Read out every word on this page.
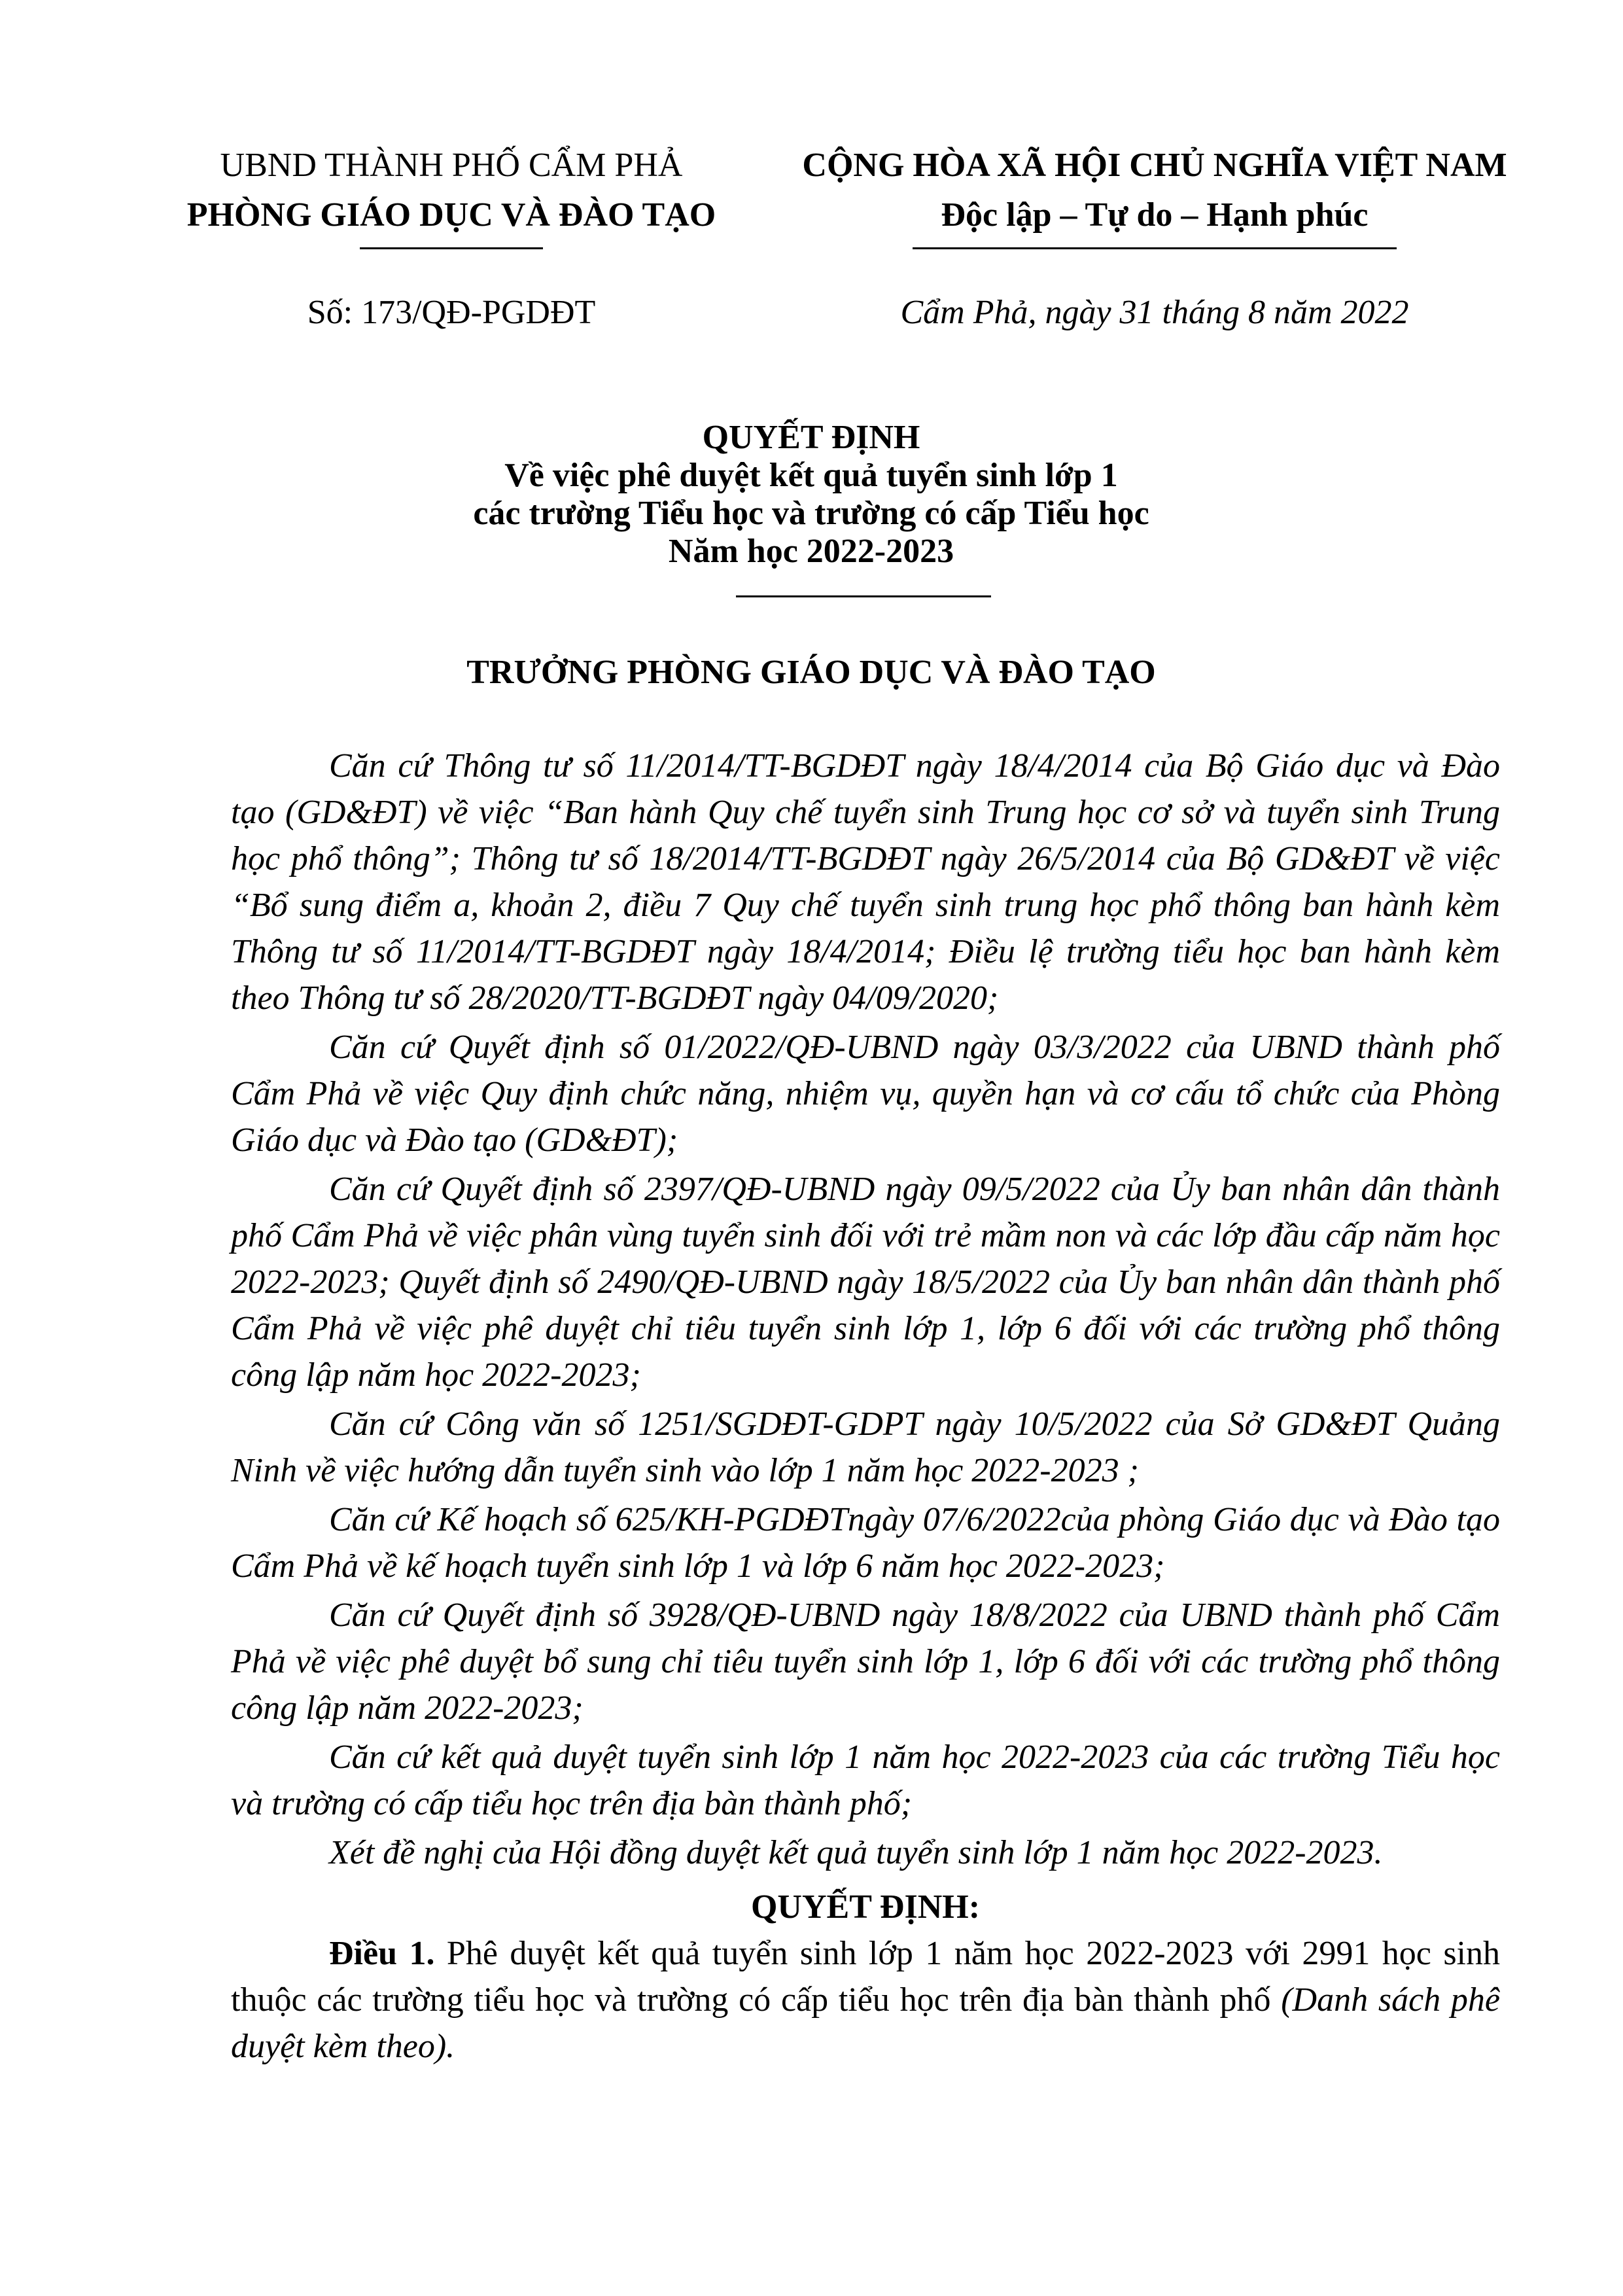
UBND THÀNH PHỐ CẨM PHẢ
PHÒNG GIÁO DỤC VÀ ĐÀO TẠO
CỘNG HÒA XÃ HỘI CHỦ NGHĨA VIỆT NAM
Độc lập – Tự do – Hạnh phúc
Số: 173/QĐ-PGDĐT	Cẩm Phả, ngày 31 tháng 8 năm 2022
QUYẾT ĐỊNH
Về việc phê duyệt kết quả tuyển sinh lớp 1
các trường Tiểu học và trường có cấp Tiểu học
Năm học 2022-2023
TRƯỞNG PHÒNG GIÁO DỤC VÀ ĐÀO TẠO

Căn cứ Thông tư số 11/2014/TT-BGDĐT ngày 18/4/2014 của Bộ Giáo dục và Đào tạo (GD&ĐT) về việc “Ban hành Quy chế tuyển sinh Trung học cơ sở và tuyển sinh Trung học phổ thông”; Thông tư số 18/2014/TT-BGDĐT ngày 26/5/2014 của Bộ GD&ĐT về việc “Bổ sung điểm a, khoản 2, điều 7 Quy chế tuyển sinh trung học phổ thông ban hành kèm Thông tư số 11/2014/TT-BGDĐT ngày 18/4/2014; Điều lệ trường tiểu học ban hành kèm theo Thông tư số 28/2020/TT-BGDĐT ngày 04/09/2020;

Căn cứ Quyết định số 01/2022/QĐ-UBND ngày 03/3/2022 của UBND thành phố Cẩm Phả về việc Quy định chức năng, nhiệm vụ, quyền hạn và cơ cấu tổ chức của Phòng Giáo dục và Đào tạo (GD&ĐT);

Căn cứ Quyết định số 2397/QĐ-UBND ngày 09/5/2022 của Ủy ban nhân dân thành phố Cẩm Phả về việc phân vùng tuyển sinh đối với trẻ mầm non và các lớp đầu cấp năm học 2022-2023; Quyết định số 2490/QĐ-UBND ngày 18/5/2022 của Ủy ban nhân dân thành phố Cẩm Phả về việc phê duyệt chỉ tiêu tuyển sinh lớp 1, lớp 6 đối với các trường phổ thông công lập năm học 2022-2023;

Căn cứ Công văn số 1251/SGDĐT-GDPT ngày 10/5/2022 của Sở GD&ĐT Quảng Ninh về việc hướng dẫn tuyển sinh vào lớp 1 năm học 2022-2023 ;

Căn cứ Kế hoạch số 625/KH-PGDĐTngày 07/6/2022của phòng Giáo dục và Đào tạo Cẩm Phả về kế hoạch tuyển sinh lớp 1 và lớp 6 năm học 2022-2023;

Căn cứ Quyết định số 3928/QĐ-UBND ngày 18/8/2022 của UBND thành phố Cẩm Phả về việc phê duyệt bổ sung chỉ tiêu tuyển sinh lớp 1, lớp 6 đối với các trường phổ thông công lập năm 2022-2023;

Căn cứ kết quả duyệt tuyển sinh lớp 1 năm học 2022-2023 của các trường Tiểu học và trường có cấp tiểu học trên địa bàn thành phố;

Xét đề nghị của Hội đồng duyệt kết quả tuyển sinh lớp 1 năm học 2022-2023.

QUYẾT ĐỊNH:

Điều 1. Phê duyệt kết quả tuyển sinh lớp 1 năm học 2022-2023 với 2991 học sinh thuộc các trường tiểu học và trường có cấp tiểu học trên địa bàn thành phố (Danh sách phê duyệt kèm theo).
